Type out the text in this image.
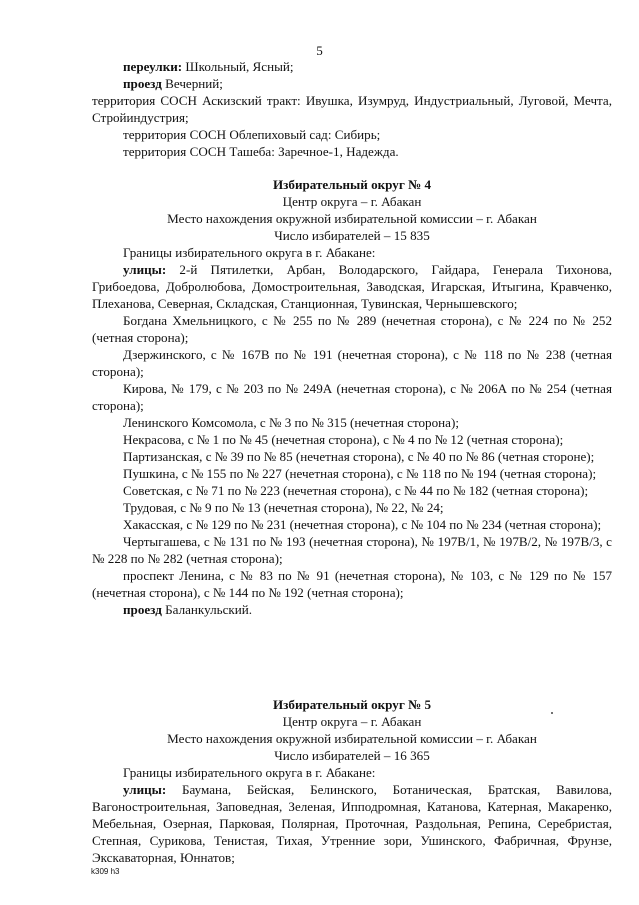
5

переулки: Школьный, Ясный;

проезд Вечерний;

территория СОСН Аскизский тракт: Ивушка, Изумруд, Индустриальный, Луговой, Мечта, Стройиндустрия;

территория СОСН Облепиховый сад: Сибирь;

территория СОСН Ташеба: Заречное-1, Надежда.

Избирательный округ № 4

Центр округа – г. Абакан

Место нахождения окружной избирательной комиссии – г. Абакан

Число избирателей – 15 835

Границы избирательного округа в г. Абакане:

улицы: 2-й Пятилетки, Арбан, Володарского, Гайдара, Генерала Тихонова, Грибоедова, Добролюбова, Домостроительная, Заводская, Игарская, Итыгина, Кравченко, Плеханова, Северная, Складская, Станционная, Тувинская, Чернышевского;

Богдана Хмельницкого, с № 255 по № 289 (нечетная сторона), с № 224 по № 252 (четная сторона);

Дзержинского, с № 167В по № 191 (нечетная сторона), с № 118 по № 238 (четная сторона);

Кирова, № 179, с № 203 по № 249А (нечетная сторона), с № 206А по № 254 (четная сторона);

Ленинского Комсомола, с № 3 по № 315 (нечетная сторона);

Некрасова, с № 1 по № 45 (нечетная сторона), с № 4 по № 12 (четная сторона);

Партизанская, с № 39 по № 85 (нечетная сторона), с № 40 по № 86 (четная стороне);

Пушкина, с № 155 по № 227 (нечетная сторона), с № 118 по № 194 (четная сторона);

Советская, с № 71 по № 223 (нечетная сторона), с № 44 по № 182 (четная сторона);

Трудовая, с № 9 по № 13 (нечетная сторона), № 22, № 24;

Хакасская, с № 129 по № 231 (нечетная сторона), с № 104 по № 234 (четная сторона);

Чертыгашева, с № 131 по № 193 (нечетная сторона), № 197В/1, № 197В/2, № 197В/3, с № 228 по № 282 (четная сторона);

проспект Ленина, с № 83 по № 91 (нечетная сторона), № 103, с № 129 по № 157 (нечетная сторона), с № 144 по № 192 (четная сторона);

проезд Баланкульский.

Избирательный округ № 5

Центр округа – г. Абакан

Место нахождения окружной избирательной комиссии – г. Абакан

Число избирателей – 16 365

Границы избирательного округа в г. Абакане:

улицы: Баумана, Бейская, Белинского, Ботаническая, Братская, Вавилова, Вагоностроительная, Заповедная, Зеленая, Ипподромная, Катанова, Катерная, Макаренко, Мебельная, Озерная, Парковая, Полярная, Проточная, Раздольная, Репина, Серебристая, Степная, Сурикова, Тенистая, Тихая, Утренние зори, Ушинского, Фабричная, Фрунзе, Экскаваторная, Юннатов;

k309 h3
